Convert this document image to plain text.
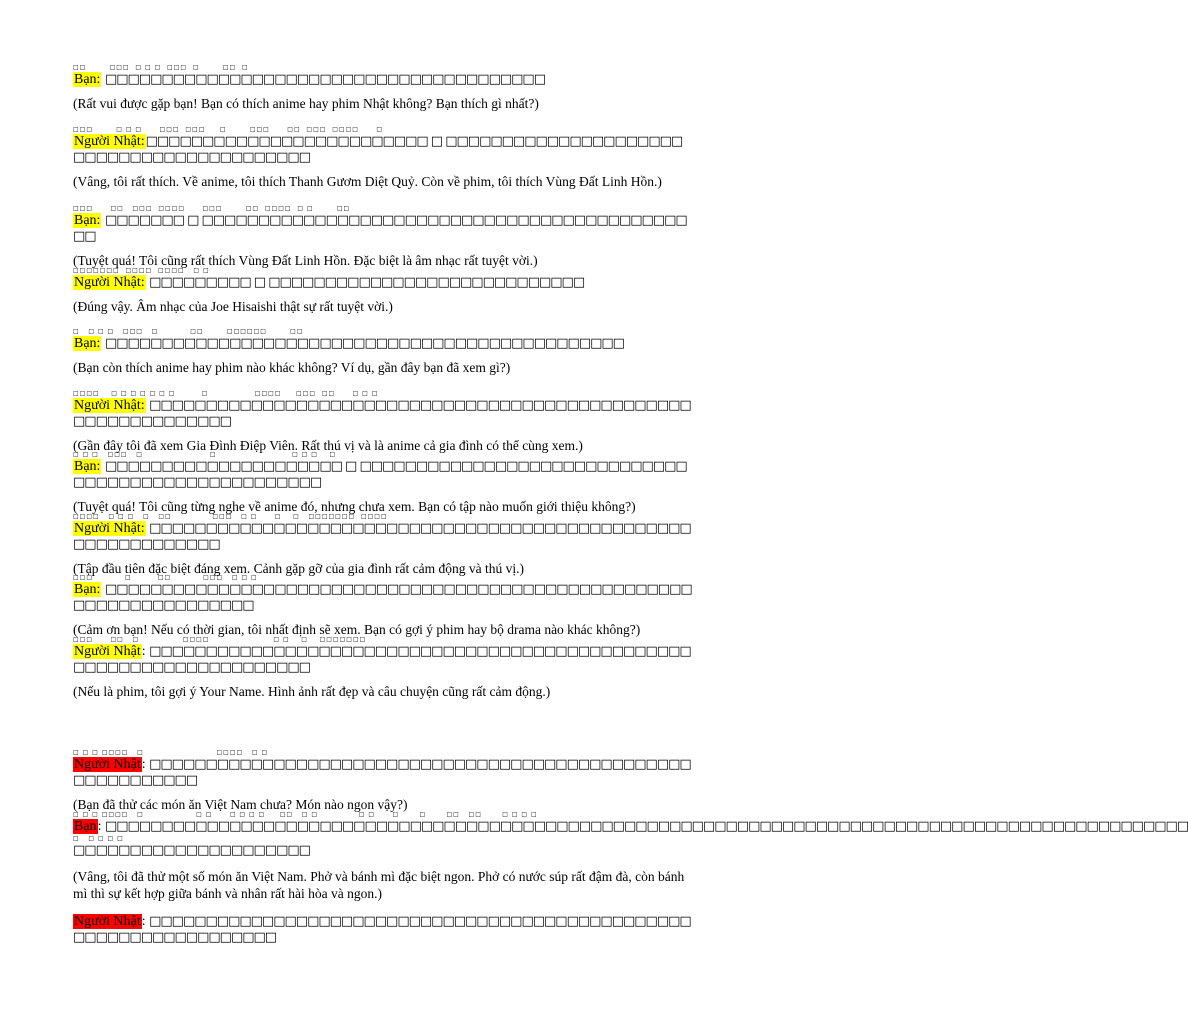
□□        □□□  □ □ □  □□□  □        □□  □
Bạn: □□□□□□□□□□□□□□□□□□□□□□□□□□□□□□□□□□□□□□□
(Rất vui được gặp bạn! Bạn có thích anime hay phim Nhật không? Bạn thích gì nhất?)
□□□        □ □ □      □□□  □□□     □        □□□      □□  □□□  □□□□      □
Người Nhật:□□□□□□□□□□□□□□□□□□□□□□□□□ □ □□□□□□□□□□□□□□□□□□□□□□□□□□□□□□□□□□□□□□□□□□
(Vâng, tôi rất thích. Về anime, tôi thích Thanh Gươm Diệt Quỷ. Còn về phim, tôi thích Vùng Đất Linh Hồn.)
□□□      □□   □□□  □□□□      □□□        □□  □□□□  □ □        □□
Bạn: □□□□□□□ □ □□□□□□□□□□□□□□□□□□□□□□□□□□□□□□□□□□□□□□□□□□□□□
(Tuyệt quá! Tôi cũng rất thích Vùng Đất Linh Hồn. Đặc biệt là âm nhạc rất tuyệt vời.)
□□□□□□□  □□□□  □□□□   □ □
Người Nhật: □□□□□□□□□ □ □□□□□□□□□□□□□□□□□□□□□□□□□□□□
(Đúng vậy. Âm nhạc của Joe Hisaishi thật sự rất tuyệt vời.)
□   □ □ □   □□□   □           □□        □□□□□□        □□
Bạn: □□□□□□□□□□□□□□□□□□□□□□□□□□□□□□□□□□□□□□□□□□□□□□
(Bạn còn thích anime hay phim nào khác không? Ví dụ, gần đây bạn đã xem gì?)
□□□□    □ □ □ □ □ □ □         □                □□□□     □□□  □□      □ □ □
Người Nhật: □□□□□□□□□□□□□□□□□□□□□□□□□□□□□□□□□□□□□□□□□□□□□□□□□□□□□□□□□□□□□□
(Gần đây tôi đã xem Gia Đình Điệp Viên. Rất thú vị và là anime cả gia đình có thể cùng xem.)
□ □ □   □□□   □                       □                          □ □ □    □
Bạn: □□□□□□□□□□□□□□□□□□□□□ □ □□□□□□□□□□□□□□□□□□□□□□□□□□□□□□□□□□□□□□□□□□□□□□□□□□□
(Tuyệt quá! Tôi cũng từng nghe về anime đó, nhưng chưa xem. Bạn có tập nào muốn giới thiệu không?)
□□□□   □ □ □   □   □□              □□□   □ □      □    □   □□□□□□□  □□□□
Người Nhật: □□□□□□□□□□□□□□□□□□□□□□□□□□□□□□□□□□□□□□□□□□□□□□□□□□□□□□□□□□□□□
(Tập đầu tiên đặc biệt đáng xem. Cảnh gặp gỡ của gia đình rất cảm động và thú vị.)
□□□           □         □□           □□□   □ □ □
Bạn: □□□□□□□□□□□□□□□□□□□□□□□□□□□□□□□□□□□□□□□□□□□□□□□□□□□□□□□□□□□□□□□□□□□□
(Cảm ơn bạn! Nếu có thời gian, tôi nhất định sẽ xem. Bạn có gợi ý phim hay bộ drama nào khác không?)
□□□      □□   □               □□□□                      □ □    □    □□□□□□□
Người Nhật: □□□□□□□□□□□□□□□□□□□□□□□□□□□□□□□□□□□□□□□□□□□□□□□□□□□□□□□□□□□□□□□□□□□□□
(Nếu là phim, tôi gợi ý Your Name. Hình ảnh rất đẹp và câu chuyện cũng rất cảm động.)
□ □ □ □□□□   □                         □□□□   □ □
Người Nhật: □□□□□□□□□□□□□□□□□□□□□□□□□□□□□□□□□□□□□□□□□□□□□□□□□□□□□□□□□□□
(Bạn đã thử các món ăn Việt Nam chưa? Món nào ngon vậy?)
□ □ □ □□□□   □                  □ □      □ □ □ □     □□   □ □              □ □      □       □       □□   □□       □ □ □ □
Bạn: □□□□□□□□□□□□□□□□□□□□□□□□□□□□□□□□□□□□□□□□□□□□□□□□□□□□□□□□□□□□□□□□□□□□□□□□□□□□□□□□□□□□□□□□□□□□□□□□
□   □ □ □ □
□□□□□□□□□□□□□□□□□□□□□
(Vâng, tôi đã thử một số món ăn Việt Nam. Phở và bánh mì đặc biệt ngon. Phở có nước súp rất đậm đà, còn bánh mì thì sự kết hợp giữa bánh và nhân rất hài hòa và ngon.)
Người Nhật: □□□□□□□□□□□□□□□□□□□□□□□□□□□□□□□□□□□□□□□□□□□□□□□□□□□□□□□□□□□□□□□□□□
